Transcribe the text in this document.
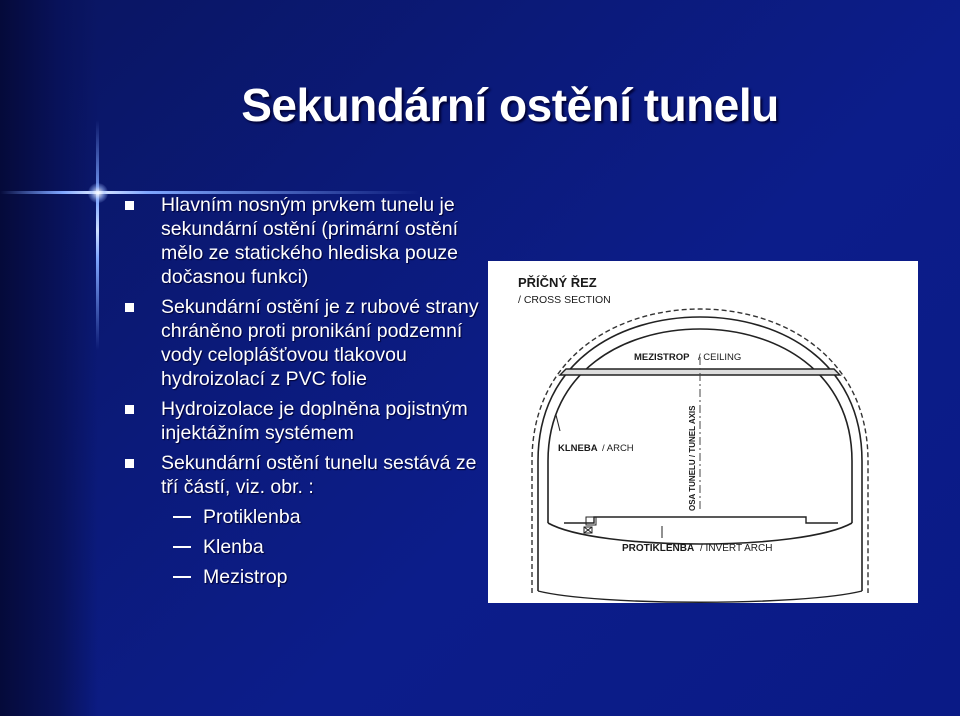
Sekundární ostění tunelu
Hlavním nosným prvkem tunelu je sekundární ostění (primární ostění mělo ze statického hlediska pouze dočasnou funkci)
Sekundární ostění je z rubové strany chráněno proti pronikání podzemní vody celoplášťovou tlakovou hydroizolací z PVC folie
Hydroizolace je doplněna pojistným injektážním systémem
Sekundární ostění tunelu sestává ze tří částí, viz. obr. :
Protiklenba
Klenba
Mezistrop
PŘÍČNÝ ŘEZ
/ CROSS SECTION
MEZISTROP / CEILING
KLNEBA / ARCH	OSA TUNELU / TUNEL AXIS
PROTIKLENBA / INVERT ARCH
